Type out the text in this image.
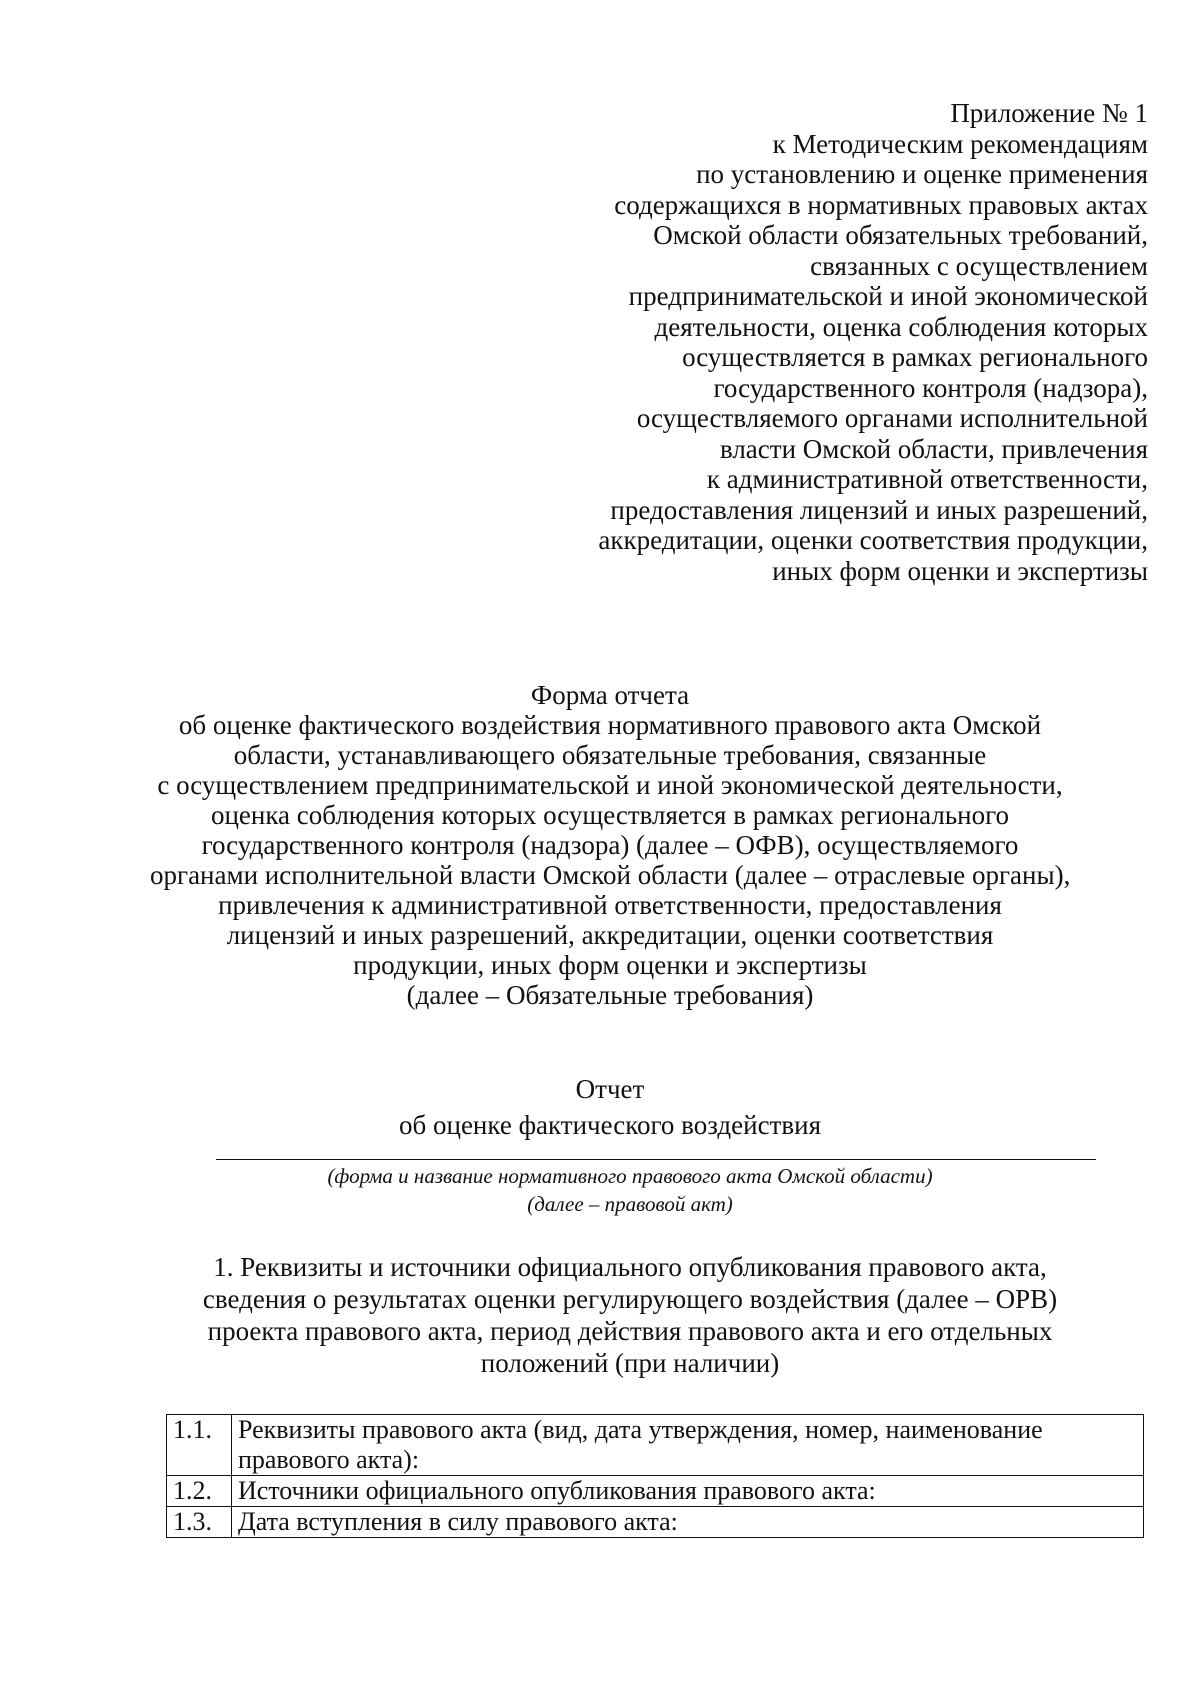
Приложение № 1
к Методическим рекомендациям
по установлению и оценке применения
содержащихся в нормативных правовых актах
Омской области обязательных требований,
связанных с осуществлением
предпринимательской и иной экономической
деятельности, оценка соблюдения которых
осуществляется в рамках регионального
государственного контроля (надзора),
осуществляемого органами исполнительной
власти Омской области, привлечения
к административной ответственности,
предоставления лицензий и иных разрешений,
аккредитации, оценки соответствия продукции,
иных форм оценки и экспертизы
Форма отчета
об оценке фактического воздействия нормативного правового акта Омской
области, устанавливающего обязательные требования, связанные
с осуществлением предпринимательской и иной экономической деятельности,
оценка соблюдения которых осуществляется в рамках регионального
государственного контроля (надзора) (далее – ОФВ), осуществляемого
органами исполнительной власти Омской области (далее – отраслевые органы),
привлечения к административной ответственности, предоставления
лицензий и иных разрешений, аккредитации, оценки соответствия
продукции, иных форм оценки и экспертизы
(далее – Обязательные требования)
Отчет
об оценке фактического воздействия
(форма и название нормативного правового акта Омской области)
(далее – правовой акт)
1. Реквизиты и источники официального опубликования правового акта,
сведения о результатах оценки регулирующего воздействия (далее – ОРВ)
проекта правового акта, период действия правового акта и его отдельных
положений (при наличии)
1.1.	Реквизиты правового акта (вид, дата утверждения, номер, наименование правового акта):
1.2.	Источники официального опубликования правового акта:
1.3.	Дата вступления в силу правового акта:
